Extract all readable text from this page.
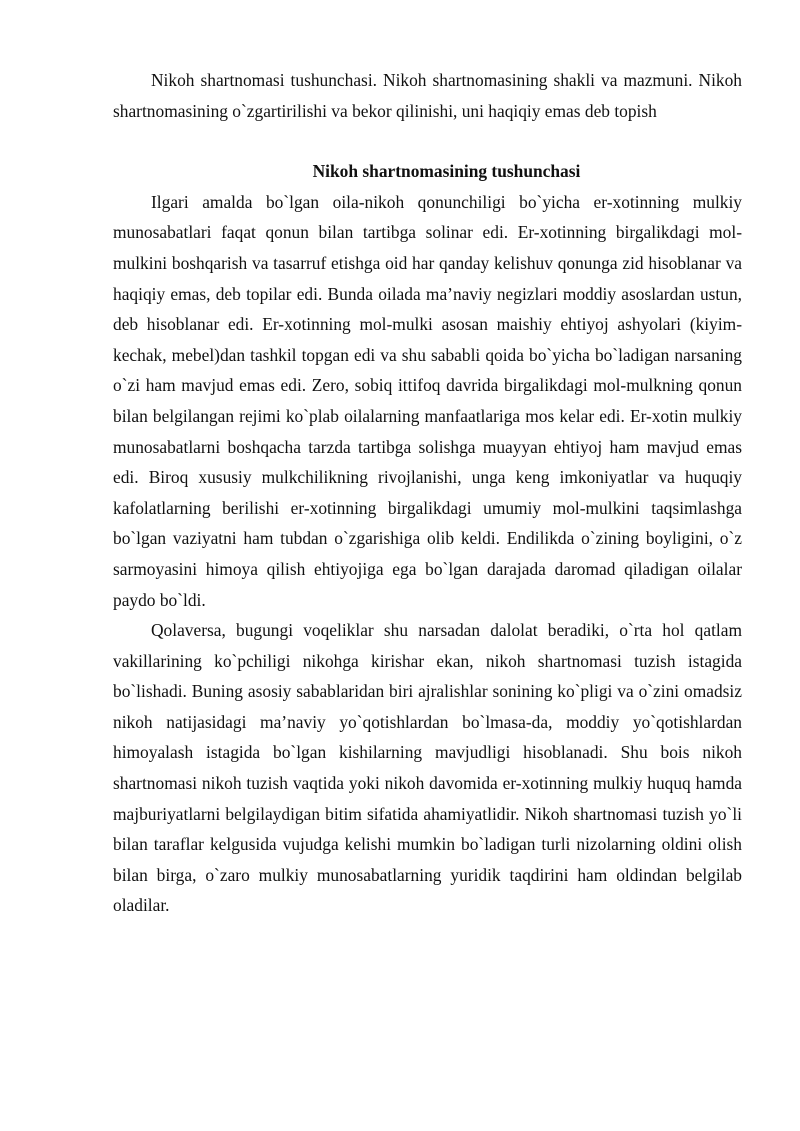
Nikoh shartnomasi tushunchasi. Nikoh shartnomasining shakli va mazmuni. Nikoh shartnomasining o`zgartirilishi va bekor qilinishi, uni haqiqiy emas deb topish

Nikoh shartnomasining tushunchasi

Ilgari amalda bo`lgan oila-nikoh qonunchiligi bo`yicha er-xotinning mulkiy munosabatlari faqat qonun bilan tartibga solinar edi. Er-xotinning birgalikdagi mol-mulkini boshqarish va tasarruf etishga oid har qanday kelishuv qonunga zid hisoblanar va haqiqiy emas, deb topilar edi. Bunda oilada ma’naviy negizlari moddiy asoslardan ustun, deb hisoblanar edi. Er-xotinning mol-mulki asosan maishiy ehtiyoj ashyolari (kiyim-kechak, mebel)dan tashkil topgan edi va shu sababli qoida bo`yicha bo`ladigan narsaning o`zi ham mavjud emas edi. Zero, sobiq ittifoq davrida birgalikdagi mol-mulkning qonun bilan belgilangan rejimi ko`plab oilalarning manfaatlariga mos kelar edi. Er-xotin mulkiy munosabatlarni boshqacha tarzda tartibga solishga muayyan ehtiyoj ham mavjud emas edi. Biroq xususiy mulkchilikning rivojlanishi, unga keng imkoniyatlar va huquqiy kafolatlarning berilishi er-xotinning birgalikdagi umumiy mol-mulkini taqsimlashga bo`lgan vaziyatni ham tubdan o`zgarishiga olib keldi. Endilikda o`zining boyligini, o`z sarmoyasini himoya qilish ehtiyojiga ega bo`lgan darajada daromad qiladigan oilalar paydo bo`ldi.

Qolaversa, bugungi voqeliklar shu narsadan dalolat beradiki, o`rta hol qatlam vakillarining ko`pchiligi nikohga kirishar ekan, nikoh shartnomasi tuzish istagida bo`lishadi. Buning asosiy sabablaridan biri ajralishlar sonining ko`pligi va o`zini omadsiz nikoh natijasidagi ma’naviy yo`qotishlardan bo`lmasa-da, moddiy yo`qotishlardan himoyalash istagida bo`lgan kishilarning mavjudligi hisoblanadi. Shu bois nikoh shartnomasi nikoh tuzish vaqtida yoki nikoh davomida er-xotinning mulkiy huquq hamda majburiyatlarni belgilaydigan bitim sifatida ahamiyatlidir. Nikoh shartnomasi tuzish yo`li bilan taraflar kelgusida vujudga kelishi mumkin bo`ladigan turli nizolarning oldini olish bilan birga, o`zaro mulkiy munosabatlarning yuridik taqdirini ham oldindan belgilab oladilar.
